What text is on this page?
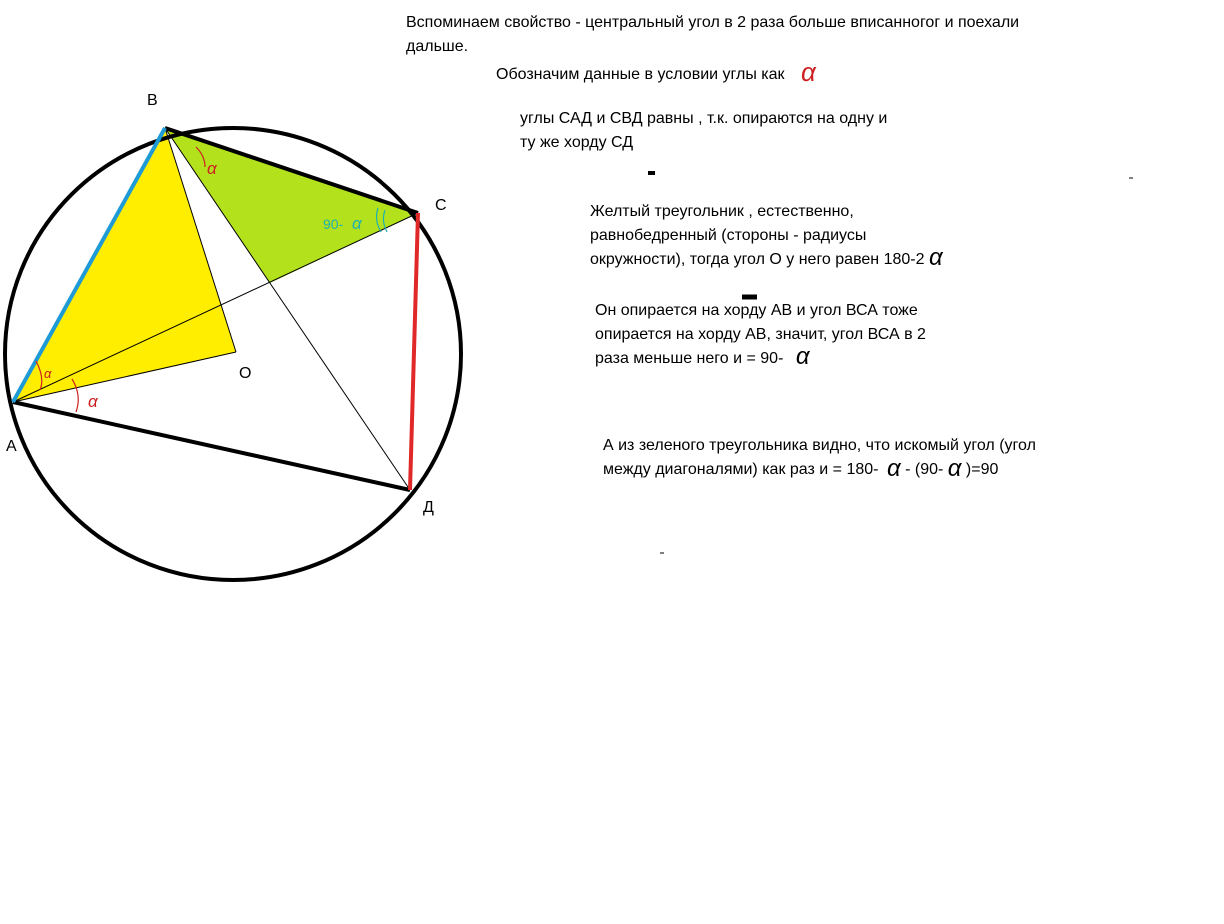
α
α
α
90- α
B
C
A
Д
О
Вспоминаем свойство - центральный угол в 2 раза больше вписанногог и поехали
дальше.
Обозначим данные в условии углы как α
углы САД и СВД равны , т.к. опираются на одну и
ту же хорду СД
Желтый треугольник , естественно,
равнобедренный (стороны - радиусы
окружности), тогда угол О у него равен 180-2 α
Он опирается на хорду АВ и угол ВСА тоже
опирается на хорду АВ, значит, угол ВСА в 2
раза меньше него и = 90- α
А из зеленого треугольника видно, что искомый угол (угол
между диагоналями) как раз и = 180- α - (90- α )=90
